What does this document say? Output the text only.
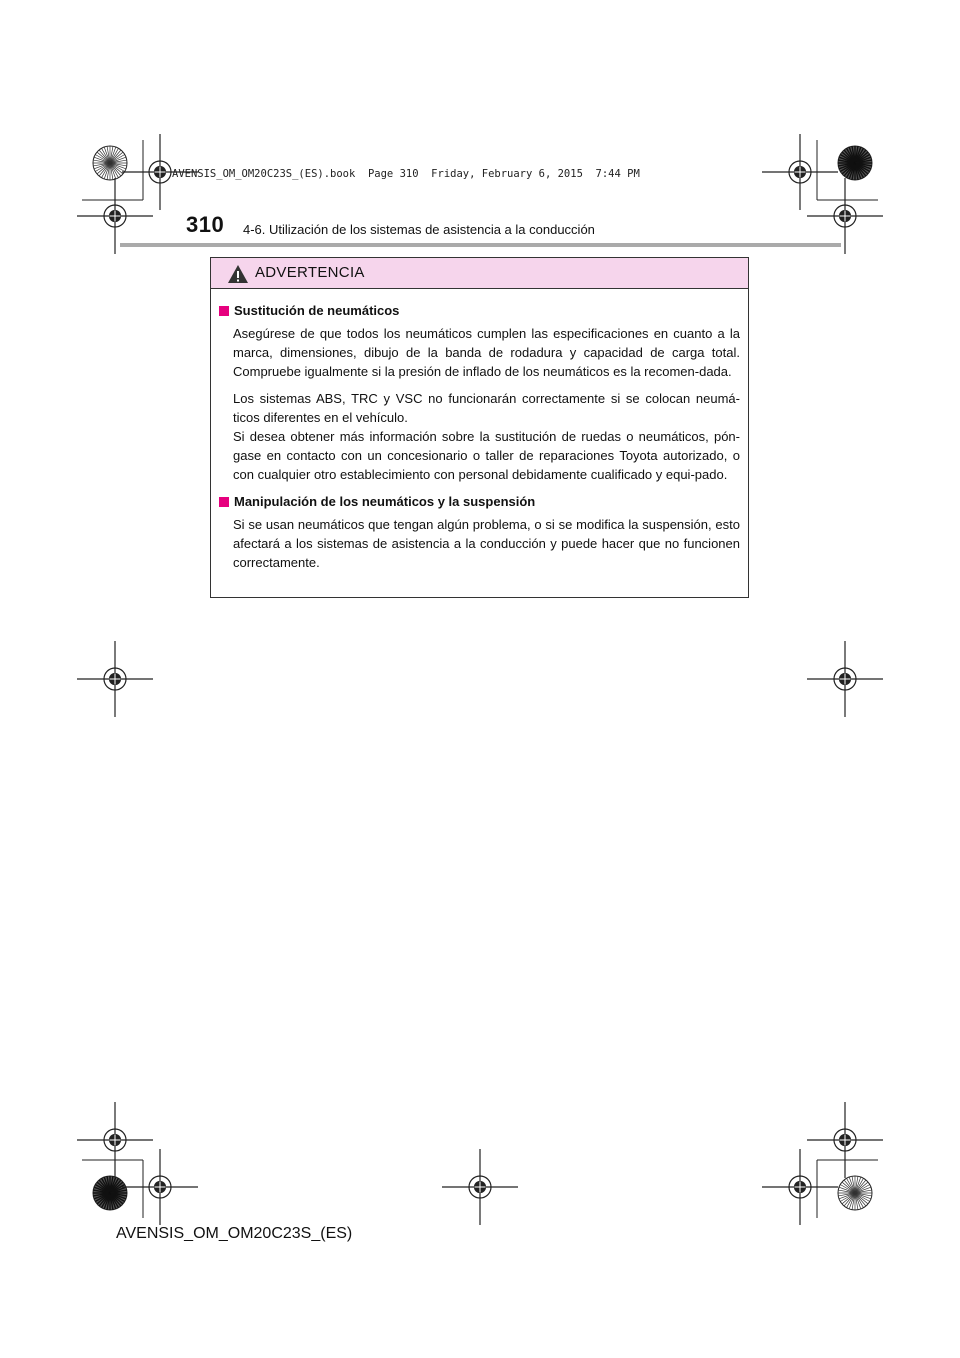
AVENSIS_OM_OM20C23S_(ES).book  Page 310  Friday, February 6, 2015  7:44 PM
310 4-6. Utilización de los sistemas de asistencia a la conducción
ADVERTENCIA
Sustitución de neumáticos

Asegúrese de que todos los neumáticos cumplen las especificaciones en cuanto a la marca, dimensiones, dibujo de la banda de rodadura y capacidad de carga total. Compruebe igualmente si la presión de inflado de los neumáticos es la recomen-dada.

Los sistemas ABS, TRC y VSC no funcionarán correctamente si se colocan neumá-ticos diferentes en el vehículo.

Si desea obtener más información sobre la sustitución de ruedas o neumáticos, pón-gase en contacto con un concesionario o taller de reparaciones Toyota autorizado, o con cualquier otro establecimiento con personal debidamente cualificado y equi-pado.

Manipulación de los neumáticos y la suspensión

Si se usan neumáticos que tengan algún problema, o si se modifica la suspensión, esto afectará a los sistemas de asistencia a la conducción y puede hacer que no funcionen correctamente.

AVENSIS_OM_OM20C23S_(ES)
